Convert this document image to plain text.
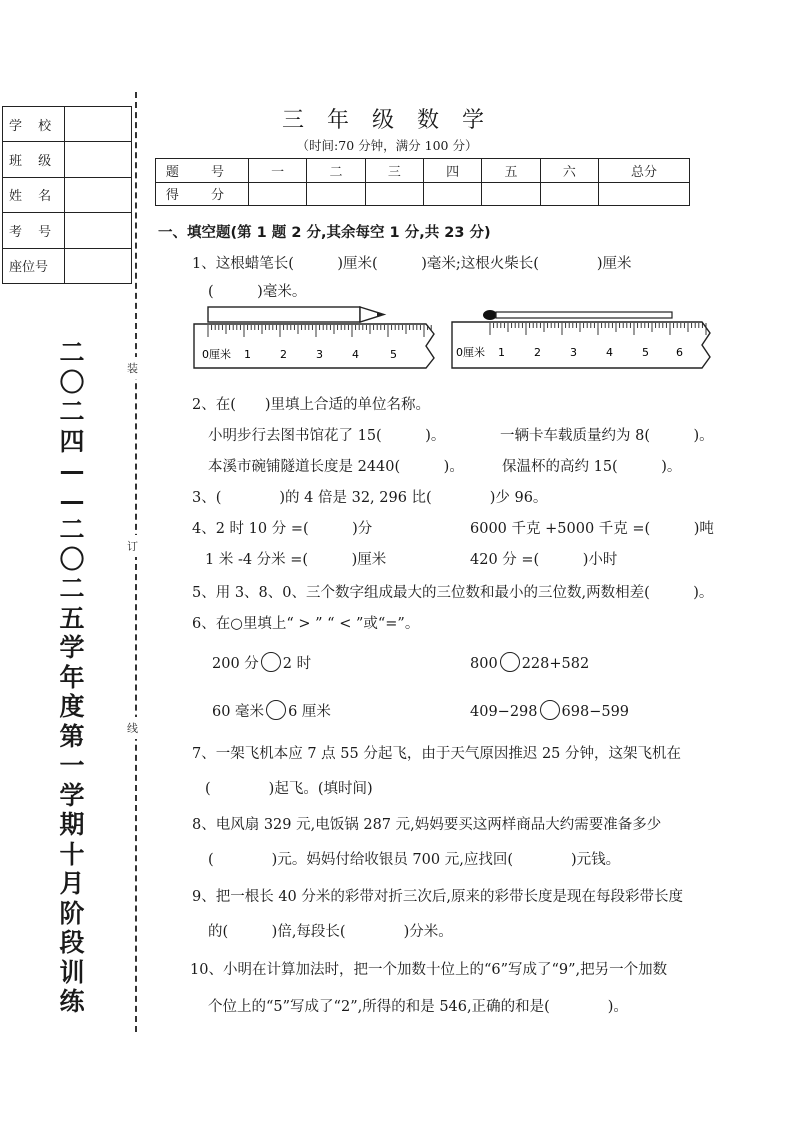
学 校	
班 级	
姓 名	
考 号	
座位号	
装
订
线
二
〇
二
四
—
—
二
〇
二
五
学
年
度
第
一
学
期
十
月
阶
段
训
练
三 年 级 数 学
（时间:70 分钟，满分 100 分）
题 号	一	二	三	四	五	六	总分
得 分							
一、填空题(第 1 题 2 分,其余每空 1 分,共 23 分)
1、这根蜡笔长(　　　)厘米(　　　)毫米;这根火柴长(　　　　)厘米
(　　　)毫米。
0厘米 1	2	3	4	5	0厘米 1	2	3	4	5 6
2、在(　　)里填上合适的单位名称。
小明步行去图书馆花了 15(　　　)。	一辆卡车载质量约为 8(　　　)。
本溪市碗铺隧道长度是 2440(　　　)。	保温杯的高约 15(　　　)。
3、(　　　　)的 4 倍是 32, 296 比(　　　　)少 96。
4、2 时 10 分 =(　　　)分	6000 千克 +5000 千克 =(　　　)吨
1 米 -4 分米 =(　　　)厘米	420 分 =(　　　)小时
5、用 3、8、0、三个数字组成最大的三位数和最小的三位数,两数相差(　　　)。
6、在○里填上“ > ” “ < ”或“=”。
200 分 2 时	800 228+582
60 毫米 6 厘米	409−298 698−599
7、一架飞机本应 7 点 55 分起飞，由于天气原因推迟 25 分钟，这架飞机在
(　　　　)起飞。(填时间)
8、电风扇 329 元,电饭锅 287 元,妈妈要买这两样商品大约需要准备多少
(　　　　)元。妈妈付给收银员 700 元,应找回(　　　　)元钱。
9、把一根长 40 分米的彩带对折三次后,原来的彩带长度是现在每段彩带长度
的(　　　)倍,每段长(　　　　)分米。
10、小明在计算加法时，把一个加数十位上的“6”写成了“9”,把另一个加数
个位上的“5”写成了“2”,所得的和是 546,正确的和是(　　　　)。
